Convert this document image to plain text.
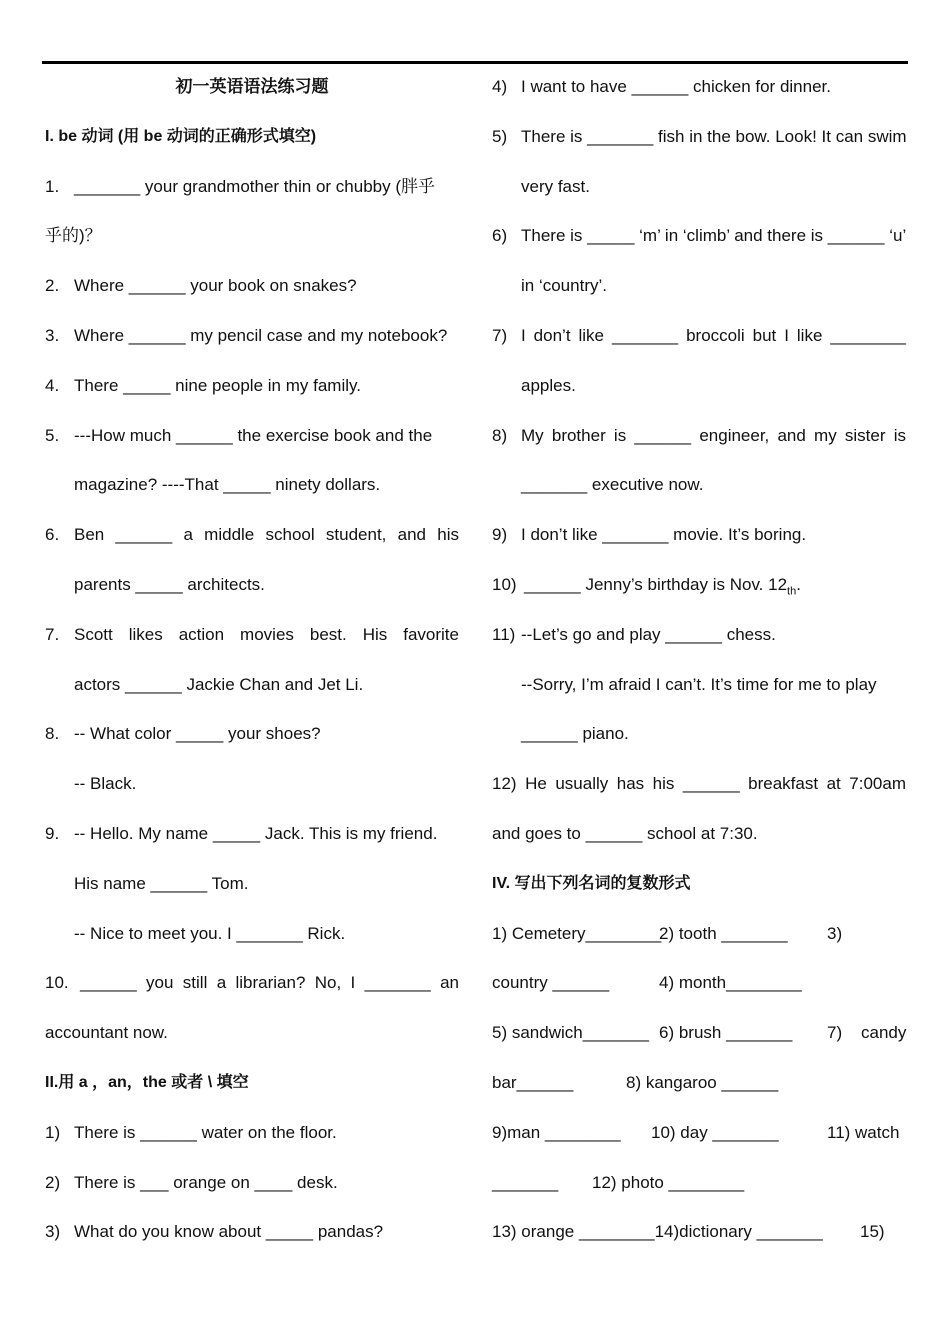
初一英语语法练习题
I. be 动词 (用 be 动词的正确形式填空)
1. _______ your grandmother thin or chubby (胖乎
乎的)？
2. Where ______ your book on snakes?
3. Where ______ my pencil case and my notebook?
4. There _____ nine people in my family.
5. ---How much ______ the exercise book and the
magazine? ----That _____ ninety dollars.
6. Ben ______ a middle school student, and his
parents _____ architects.
7. Scott likes action movies best. His favorite
actors ______ Jackie Chan and Jet Li.
8. -- What color _____ your shoes?
-- Black.
9. -- Hello. My name _____ Jack. This is my friend.
His name ______ Tom.
-- Nice to meet you. I _______ Rick.
10. ______ you still a librarian? No, I _______ an
accountant now.
II.用 a ，an，the 或者 \ 填空
1) There is ______ water on the floor.
2) There is ___ orange on ____ desk.
3) What do you know about _____ pandas?
4) I want to have ______ chicken for dinner.
5) There is _______ fish in the bow. Look! It can swim
very fast.
6) There is _____ ‘m’ in ‘climb’ and there is ______ ‘u’
in ‘country’.
7) I don’t like _______ broccoli but I like ________
apples.
8) My brother is ______ engineer, and my sister is
_______ executive now.
9) I don’t like _______ movie. It’s boring.
10) ______ Jenny’s birthday is Nov. $12_{th}$.
11) --Let’s go and play ______ chess.
--Sorry, I’m afraid I can’t. It’s time for me to play
______ piano.
12) He usually has his ______ breakfast at 7:00am
and goes to ______ school at 7:30.
IV. 写出下列名词的复数形式
1) Cemetery________
2) tooth _______ 3)
country ______	4) month________
5) sandwich_______ 6) brush _______ 7)    candy
bar______	8) kangaroo ______
9)man ________ 10) day _______	11) watch
_______ 12) photo ________
13) orange ________14)dictionary _______ 15)
